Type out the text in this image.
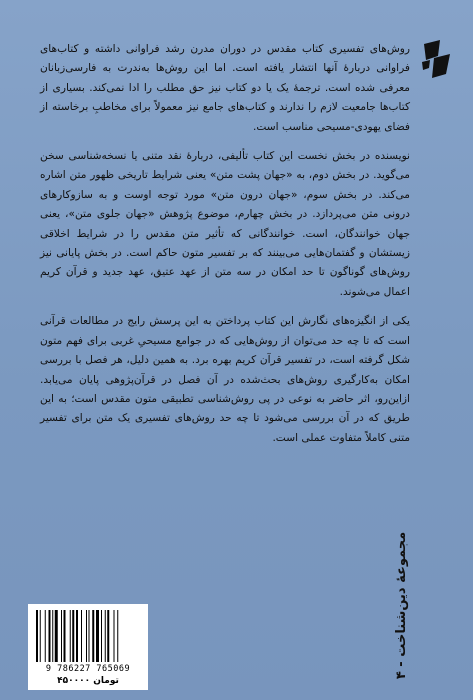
روش‌های تفسیری کتاب مقدس در دوران مدرن رشد فراوانی داشته و کتاب‌های فراوانی دربارهٔ آنها انتشار یافته است. اما این روش‌ها به‌ندرت به فارسی‌زبانان معرفی شده است. ترجمهٔ یک یا دو کتاب نیز حق مطلب را ادا نمی‌کند. بسیاری از کتاب‌ها جامعیت لازم را ندارند و کتاب‌های جامع نیز معمولاً برای مخاطبِ برخاسته از فضای یهودی-مسیحی مناسب است.

نویسنده در بخش نخست این کتاب تألیفی، دربارهٔ نقد متنی یا نسخه‌شناسی سخن می‌گوید. در بخش دوم، به «جهان پشت متن» یعنی شرایط تاریخی ظهور متن اشاره می‌کند. در بخش سوم، «جهان درون متن» مورد توجه اوست و به سازوکارهای درونی متن می‌پردازد. در بخش چهارم، موضوع پژوهش «جهان جلوی متن»، یعنی جهان خوانندگان، است. خوانندگانی که تأثیر متن مقدس را در شرایط اخلاقی زیستشان و گفتمان‌هایی می‌بینند که بر تفسیر متون حاکم است. در بخش پایانی نیز روش‌های گوناگون تا حد امکان در سه متن از عهد عتیق، عهد جدید و قرآن کریم اعمال می‌شوند.

یکی از انگیزه‌های نگارش این کتاب پرداختن به این پرسش رایج در مطالعات قرآنی است که تا چه حد می‌توان از روش‌هایی که در جوامع مسیحیِ غربی برای فهم متون شکل گرفته است، در تفسیر قرآن کریم بهره برد. به همین دلیل، هر فصل با بررسی امکان به‌کارگیری روش‌های بحث‌شده در آن فصل در قرآن‌پژوهی پایان می‌یابد. ازاین‌رو، اثر حاضر به نوعی در پی روش‌شناسی تطبیقی متون مقدس است؛ به این طریق که در آن بررسی می‌شود تا چه حد روش‌های تفسیری یک متن برای تفسیر متنی کاملاً متفاوت عملی است.

مجموعهٔ دین‌شناخت - ۴
9 786227 765069
۴۵۰۰۰۰ تومان
